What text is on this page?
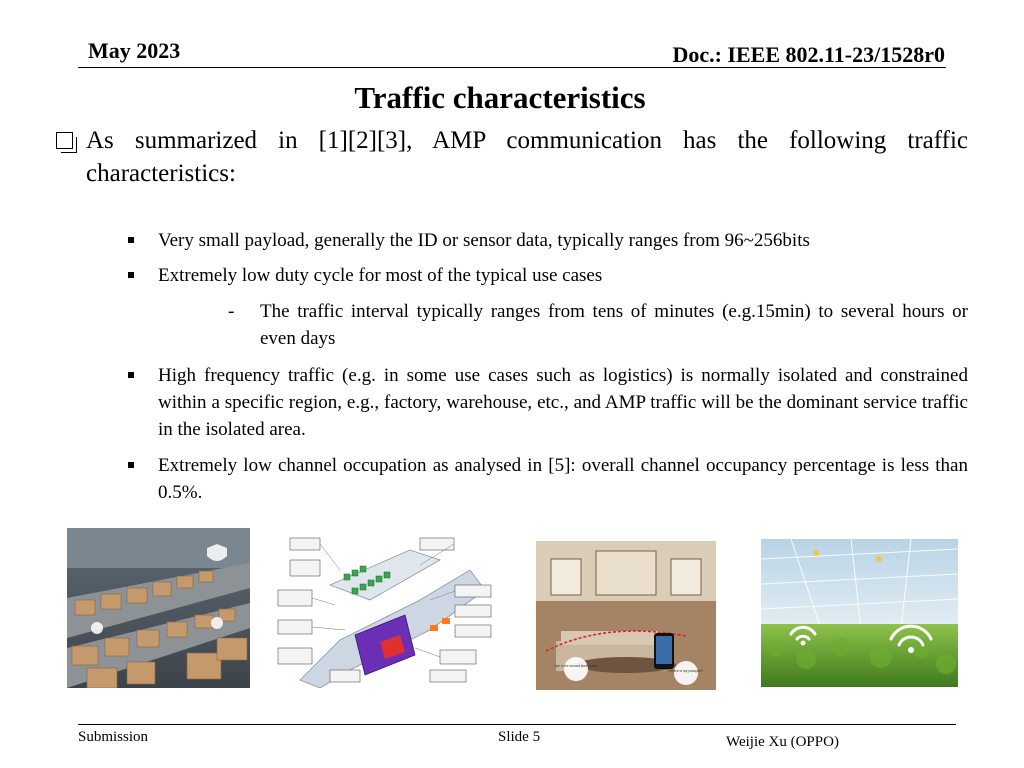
May 2023	Doc.: IEEE 802.11-23/1528r0
Traffic characteristics
As summarized in [1][2][3], AMP communication has the following traffic characteristics:
Very small payload, generally the ID or sensor data, typically ranges from 96~256bits
Extremely low duty cycle for most of the typical use cases
- The traffic interval typically ranges from tens of minutes (e.g.15min) to several hours or even days
High frequency traffic (e.g. in some use cases such as logistics) is normally isolated and constrained within a specific region, e.g., factory, warehouse, etc., and AMP traffic will be the dominant service traffic in the isolated area.
Extremely low channel occupation as analysed in [5]: overall channel occupancy percentage is less than 0.5%.
I am in the second shelf drawer
Where is my passport?
Submission	Slide 5	Weijie Xu (OPPO)
